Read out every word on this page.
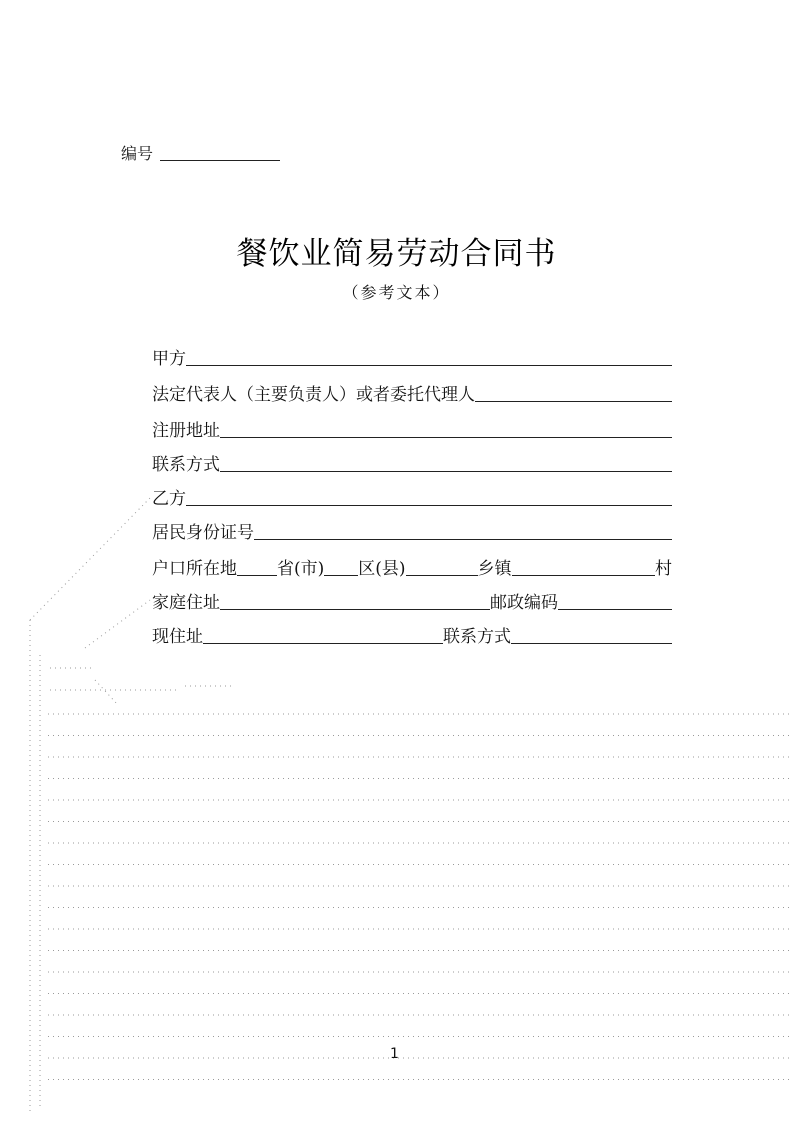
编号
餐饮业简易劳动合同书
（参考文本）
甲方
法定代表人（主要负责人）或者委托代理人
注册地址
联系方式
乙方
居民身份证号
户口所在地 省(市) 区(县)	乡镇	村
家庭住址	邮政编码
现住址	联系方式
1
